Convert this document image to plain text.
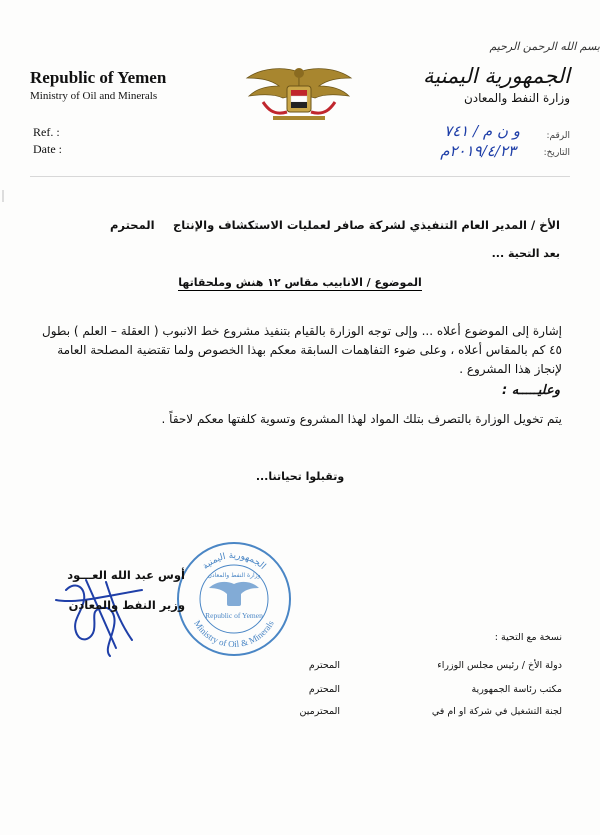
بسم الله الرحمن الرحيم
Republic of Yemen
Ministry of Oil and Minerals
الجمهورية اليمنية
وزارة النفط والمعادن
Ref. :
Date :
الرقم:
التاريخ:
و ن م / ٧٤١
٢٠١٩/٤/٢٣م
الأخ / المدير العام التنفيذي لشركة صافر لعمليات الاستكشاف والإنتاج
المحترم
بعد التحية ...
الموضوع / الانابيب مقاس ١٢ هنش وملحقاتها
إشارة إلى الموضوع أعلاه ... وإلى توجه الوزارة بالقيام بتنفيذ مشروع خط الانبوب ( العقلة – العلم ) بطول ٤٥ كم بالمقاس أعلاه ، وعلى ضوء التفاهمات السابقة معكم بهذا الخصوص ولما تقتضية المصلحة العامة لإنجاز هذا المشروع .
وعليـــــه :
يتم تخويل الوزارة بالتصرف بتلك المواد لهذا المشروع وتسوية كلفتها معكم لاحقاً .
وتقبلوا تحياتنا...
الجمهورية اليمنية
وزارة النفط والمعادن
Republic of Yemen
Ministry of Oil & Minerals
أوس عبد الله العـــود
وزير النفط والمعادن
نسخة مع التحية :
دولة الأخ / رئيس مجلس الوزراء
المحترم
مكتب رئاسة الجمهورية
المحترم
لجنة التشغيل في شركة او ام في
المحترمين
